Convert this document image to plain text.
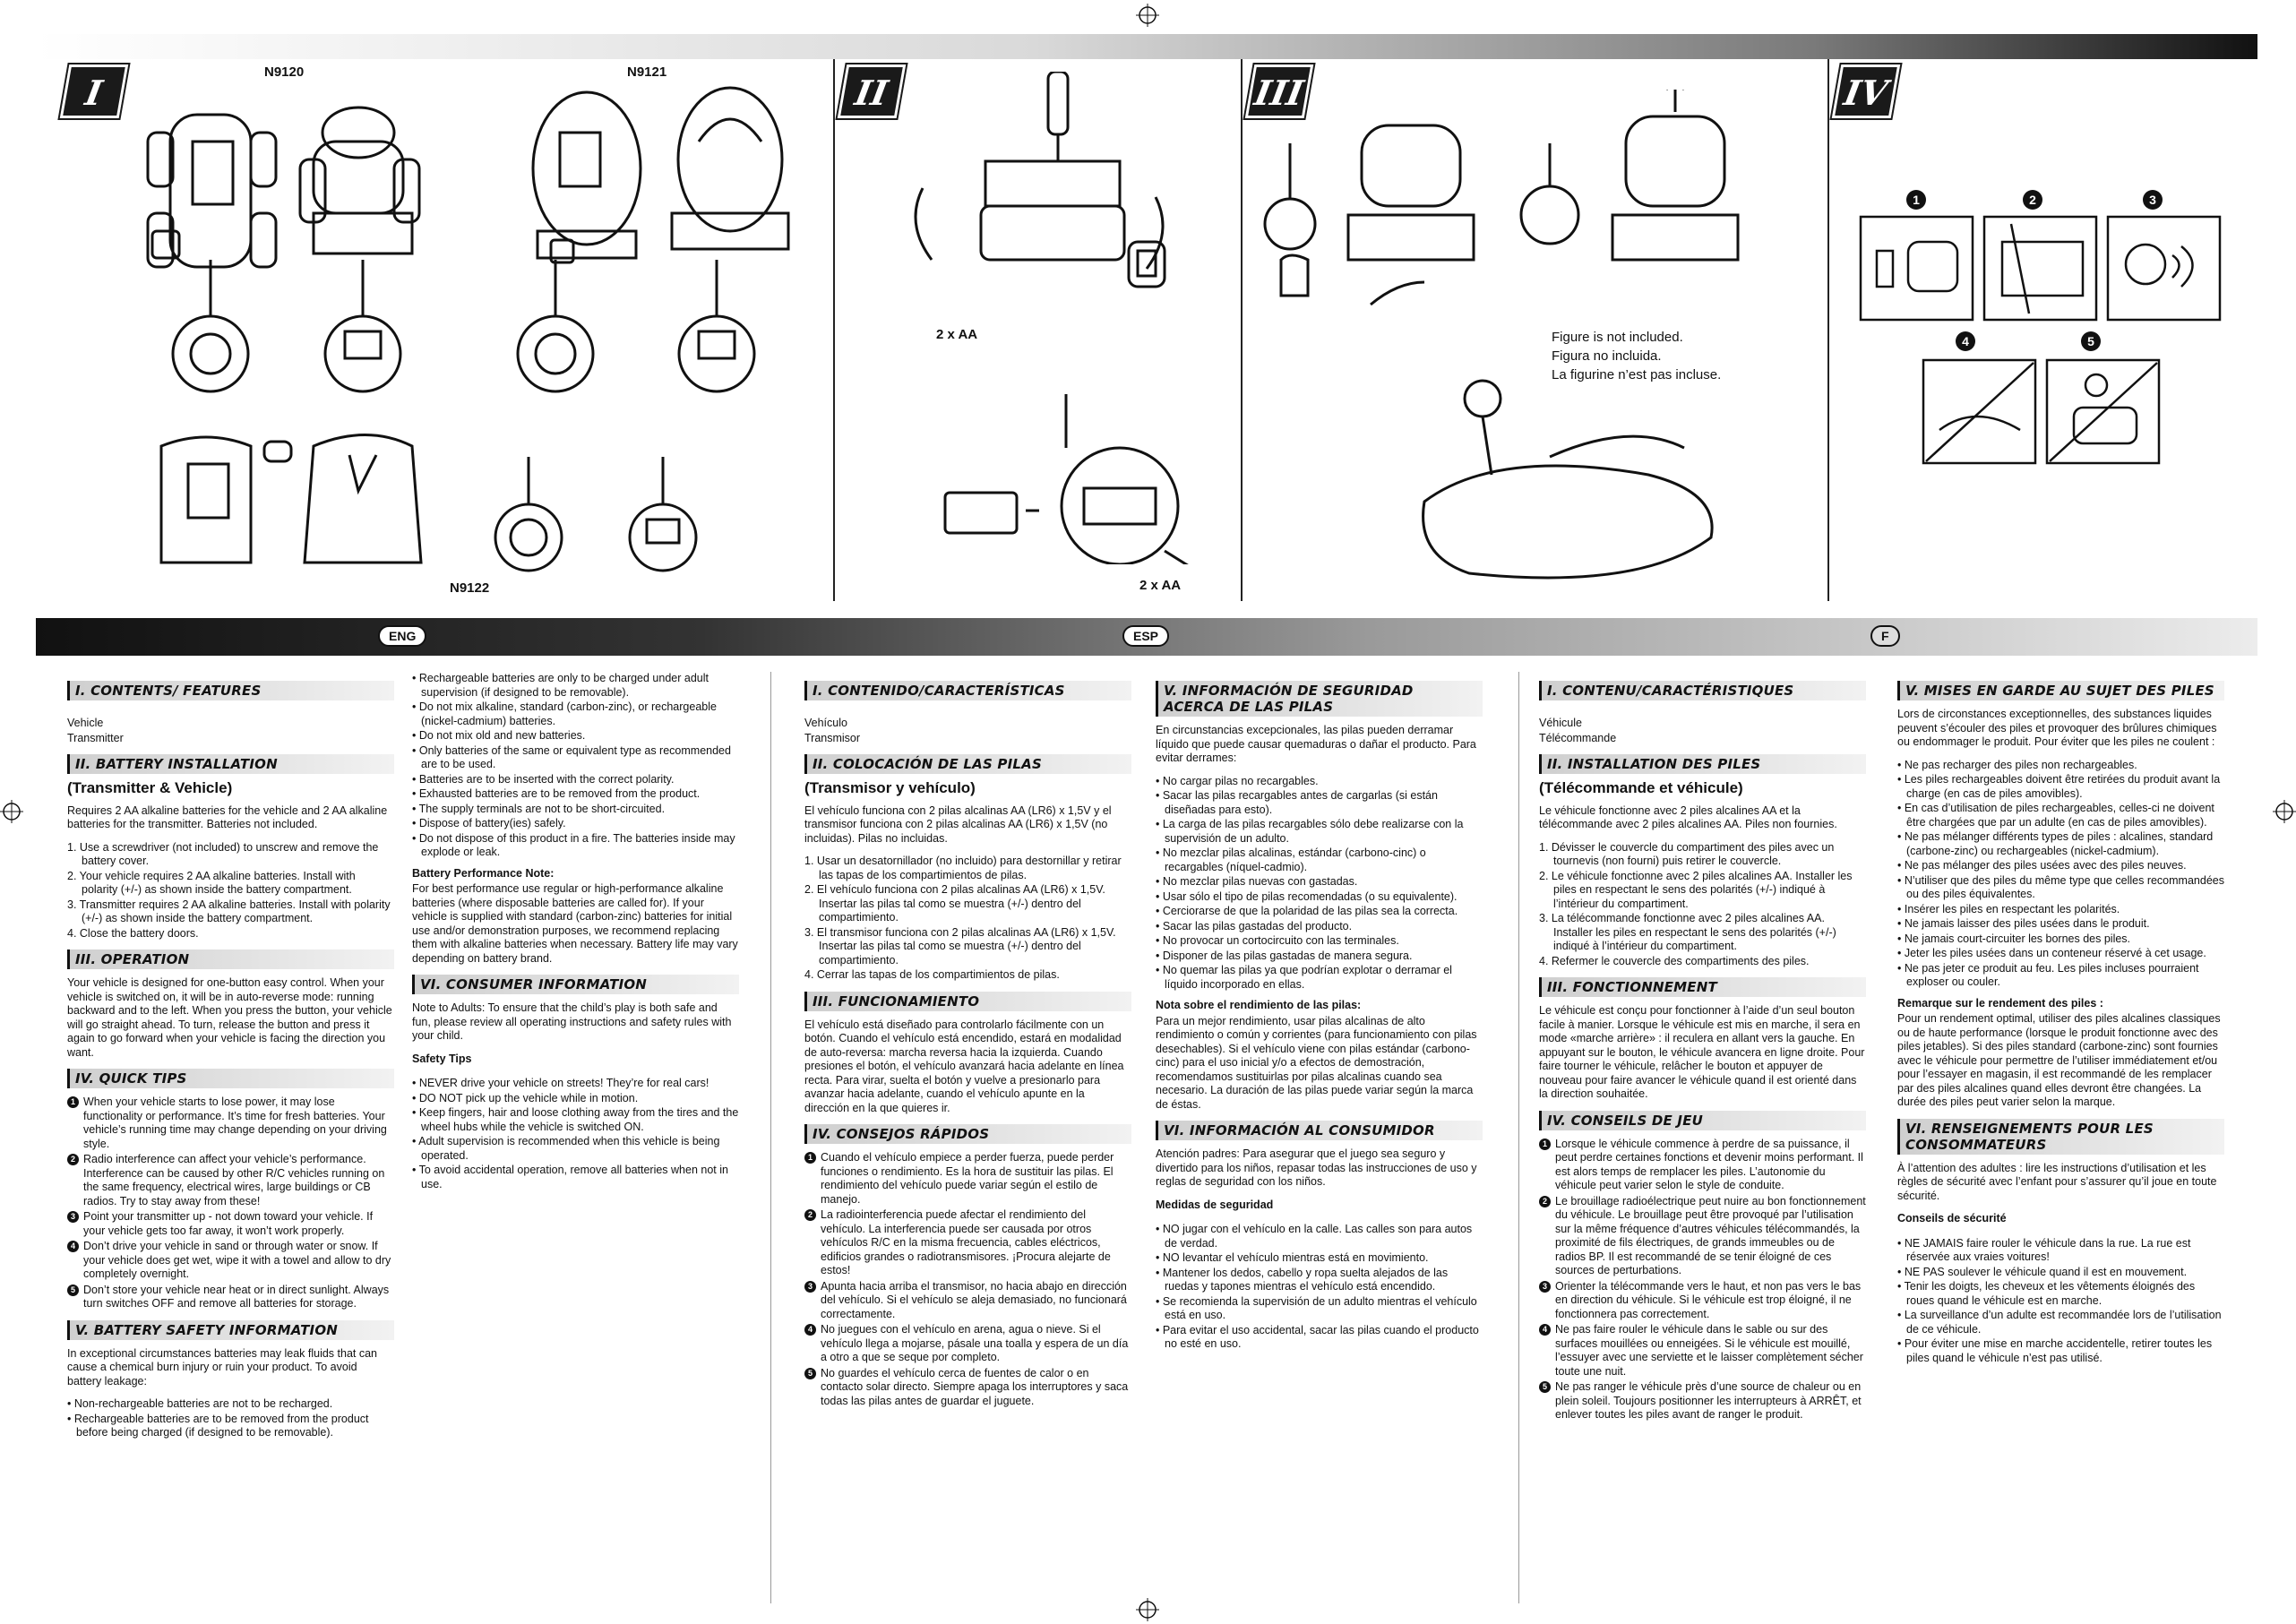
I	II	III	IV
N9120	N9121
N9122
2 x AA
2 x AA
Figure is not included.
Figura no incluida.
La figurine n’est pas incluse.
1	2	3
4	5
ENG	ESP	F
I. CONTENTS/ FEATURES
Vehicle
Transmitter
II. BATTERY INSTALLATION
(Transmitter & Vehicle)
Requires 2 AA alkaline batteries for the vehicle and 2 AA alkaline batteries for the transmitter. Batteries not included.
1. Use a screwdriver (not included) to unscrew and remove the battery cover.
2. Your vehicle requires 2 AA alkaline batteries. Install with polarity (+/-) as shown inside the battery compartment.
3. Transmitter requires 2 AA alkaline batteries. Install with polarity (+/-) as shown inside the battery compartment.
4. Close the battery doors.
III. OPERATION
Your vehicle is designed for one-button easy control. When your vehicle is switched on, it will be in auto-reverse mode: running backward and to the left. When you press the button, your vehicle will go straight ahead. To turn, release the button and press it again to go forward when your vehicle is facing the direction you want.
IV. QUICK TIPS
1 When your vehicle starts to lose power, it may lose functionality or performance. It’s time for fresh batteries. Your vehicle’s running time may change depending on your driving style.
2 Radio interference can affect your vehicle’s performance. Interference can be caused by other R/C vehicles running on the same frequency, electrical wires, large buildings or CB radios. Try to stay away from these!
3 Point your transmitter up - not down toward your vehicle. If your vehicle gets too far away, it won’t work properly.
4 Don’t drive your vehicle in sand or through water or snow. If your vehicle does get wet, wipe it with a towel and allow to dry completely overnight.
5 Don’t store your vehicle near heat or in direct sunlight. Always turn switches OFF and remove all batteries for storage.
V. BATTERY SAFETY INFORMATION
In exceptional circumstances batteries may leak fluids that can cause a chemical burn injury or ruin your product. To avoid battery leakage:
• Non-rechargeable batteries are not to be recharged.
• Rechargeable batteries are to be removed from the product before being charged (if designed to be removable).
• Rechargeable batteries are only to be charged under adult supervision (if designed to be removable).
• Do not mix alkaline, standard (carbon-zinc), or rechargeable (nickel-cadmium) batteries.
• Do not mix old and new batteries.
• Only batteries of the same or equivalent type as recommended are to be used.
• Batteries are to be inserted with the correct polarity.
• Exhausted batteries are to be removed from the product.
• The supply terminals are not to be short-circuited.
• Dispose of battery(ies) safely.
• Do not dispose of this product in a fire. The batteries inside may explode or leak.
Battery Performance Note:
For best performance use regular or high-performance alkaline batteries (where disposable batteries are called for). If your vehicle is supplied with standard (carbon-zinc) batteries for initial use and/or demonstration purposes, we recommend replacing them with alkaline batteries when necessary. Battery life may vary depending on battery brand.
VI. CONSUMER INFORMATION
Note to Adults: To ensure that the child’s play is both safe and fun, please review all operating instructions and safety rules with your child.
Safety Tips
• NEVER drive your vehicle on streets! They’re for real cars!
• DO NOT pick up the vehicle while in motion.
• Keep fingers, hair and loose clothing away from the tires and the wheel hubs while the vehicle is switched ON.
• Adult supervision is recommended when this vehicle is being operated.
• To avoid accidental operation, remove all batteries when not in use.
I. CONTENIDO/CARACTERÍSTICAS
Vehículo
Transmisor
II. COLOCACIÓN DE LAS PILAS
(Transmisor y vehículo)
El vehículo funciona con 2 pilas alcalinas AA (LR6) x 1,5V y el transmisor funciona con 2 pilas alcalinas AA (LR6) x 1,5V (no incluidas). Pilas no incluidas.
1. Usar un desatornillador (no incluido) para destornillar y retirar las tapas de los compartimientos de pilas.
2. El vehículo funciona con 2 pilas alcalinas AA (LR6) x 1,5V. Insertar las pilas tal como se muestra (+/-) dentro del compartimiento.
3. El transmisor funciona con 2 pilas alcalinas AA (LR6) x 1,5V. Insertar las pilas tal como se muestra (+/-) dentro del compartimiento.
4. Cerrar las tapas de los compartimientos de pilas.
III. FUNCIONAMIENTO
El vehículo está diseñado para controlarlo fácilmente con un botón. Cuando el vehículo está encendido, estará en modalidad de auto-reversa: marcha reversa hacia la izquierda. Cuando presiones el botón, el vehículo avanzará hacia adelante en línea recta. Para virar, suelta el botón y vuelve a presionarlo para avanzar hacia adelante, cuando el vehículo apunte en la dirección en la que quieres ir.
IV. CONSEJOS RÁPIDOS
1 Cuando el vehículo empiece a perder fuerza, puede perder funciones o rendimiento. Es la hora de sustituir las pilas. El rendimiento del vehículo puede variar según el estilo de manejo.
2 La radiointerferencia puede afectar el rendimiento del vehículo. La interferencia puede ser causada por otros vehículos R/C en la misma frecuencia, cables eléctricos, edificios grandes o radiotransmisores. ¡Procura alejarte de estos!
3 Apunta hacia arriba el transmisor, no hacia abajo en dirección del vehículo. Si el vehículo se aleja demasiado, no funcionará correctamente.
4 No juegues con el vehículo en arena, agua o nieve. Si el vehículo llega a mojarse, pásale una toalla y espera de un día a otro a que se seque por completo.
5 No guardes el vehículo cerca de fuentes de calor o en contacto solar directo. Siempre apaga los interruptores y saca todas las pilas antes de guardar el juguete.
V. INFORMACIÓN DE SEGURIDAD ACERCA DE LAS PILAS
En circunstancias excepcionales, las pilas pueden derramar líquido que puede causar quemaduras o dañar el producto. Para evitar derrames:
• No cargar pilas no recargables.
• Sacar las pilas recargables antes de cargarlas (si están diseñadas para esto).
• La carga de las pilas recargables sólo debe realizarse con la supervisión de un adulto.
• No mezclar pilas alcalinas, estándar (carbono-cinc) o recargables (níquel-cadmio).
• No mezclar pilas nuevas con gastadas.
• Usar sólo el tipo de pilas recomendadas (o su equivalente).
• Cerciorarse de que la polaridad de las pilas sea la correcta.
• Sacar las pilas gastadas del producto.
• No provocar un cortocircuito con las terminales.
• Disponer de las pilas gastadas de manera segura.
• No quemar las pilas ya que podrían explotar o derramar el líquido incorporado en ellas.
Nota sobre el rendimiento de las pilas:
Para un mejor rendimiento, usar pilas alcalinas de alto rendimiento o común y corrientes (para funcionamiento con pilas desechables). Si el vehículo viene con pilas estándar (carbono-cinc) para el uso inicial y/o a efectos de demostración, recomendamos sustituirlas por pilas alcalinas cuando sea necesario. La duración de las pilas puede variar según la marca de éstas.
VI. INFORMACIÓN AL CONSUMIDOR
Atención padres: Para asegurar que el juego sea seguro y divertido para los niños, repasar todas las instrucciones de uso y reglas de seguridad con los niños.
Medidas de seguridad
• NO jugar con el vehículo en la calle. Las calles son para autos de verdad.
• NO levantar el vehículo mientras está en movimiento.
• Mantener los dedos, cabello y ropa suelta alejados de las ruedas y tapones mientras el vehículo está encendido.
• Se recomienda la supervisión de un adulto mientras el vehículo está en uso.
• Para evitar el uso accidental, sacar las pilas cuando el producto no esté en uso.
I. CONTENU/CARACTÉRISTIQUES
Véhicule
Télécommande
II. INSTALLATION DES PILES
(Télécommande et véhicule)
Le véhicule fonctionne avec 2 piles alcalines AA et la télécommande avec 2 piles alcalines AA. Piles non fournies.
1. Dévisser le couvercle du compartiment des piles avec un tournevis (non fourni) puis retirer le couvercle.
2. Le véhicule fonctionne avec 2 piles alcalines AA. Installer les piles en respectant le sens des polarités (+/-) indiqué à l’intérieur du compartiment.
3. La télécommande fonctionne avec 2 piles alcalines AA. Installer les piles en respectant le sens des polarités (+/-) indiqué à l’intérieur du compartiment.
4. Refermer le couvercle des compartiments des piles.
III. FONCTIONNEMENT
Le véhicule est conçu pour fonctionner à l’aide d’un seul bouton facile à manier. Lorsque le véhicule est mis en marche, il sera en mode «marche arrière» : il reculera en allant vers la gauche. En appuyant sur le bouton, le véhicule avancera en ligne droite. Pour faire tourner le véhicule, relâcher le bouton et appuyer de nouveau pour faire avancer le véhicule quand il est orienté dans la direction souhaitée.
IV. CONSEILS DE JEU
1 Lorsque le véhicule commence à perdre de sa puissance, il peut perdre certaines fonctions et devenir moins performant. Il est alors temps de remplacer les piles. L’autonomie du véhicule peut varier selon le style de conduite.
2 Le brouillage radioélectrique peut nuire au bon fonctionnement du véhicule. Le brouillage peut être provoqué par l’utilisation sur la même fréquence d’autres véhicules télécommandés, la proximité de fils électriques, de grands immeubles ou de radios BP. Il est recommandé de se tenir éloigné de ces sources de perturbations.
3 Orienter la télécommande vers le haut, et non pas vers le bas en direction du véhicule. Si le véhicule est trop éloigné, il ne fonctionnera pas correctement.
4 Ne pas faire rouler le véhicule dans le sable ou sur des surfaces mouillées ou enneigées. Si le véhicule est mouillé, l’essuyer avec une serviette et le laisser complètement sécher toute une nuit.
5 Ne pas ranger le véhicule près d’une source de chaleur ou en plein soleil. Toujours positionner les interrupteurs à ARRÊT, et enlever toutes les piles avant de ranger le produit.
V. MISES EN GARDE AU SUJET DES PILES
Lors de circonstances exceptionnelles, des substances liquides peuvent s’écouler des piles et provoquer des brûlures chimiques ou endommager le produit. Pour éviter que les piles ne coulent :
• Ne pas recharger des piles non rechargeables.
• Les piles rechargeables doivent être retirées du produit avant la charge (en cas de piles amovibles).
• En cas d’utilisation de piles rechargeables, celles-ci ne doivent être chargées que par un adulte (en cas de piles amovibles).
• Ne pas mélanger différents types de piles : alcalines, standard (carbone-zinc) ou rechargeables (nickel-cadmium).
• Ne pas mélanger des piles usées avec des piles neuves.
• N’utiliser que des piles du même type que celles recommandées ou des piles équivalentes.
• Insérer les piles en respectant les polarités.
• Ne jamais laisser des piles usées dans le produit.
• Ne jamais court-circuiter les bornes des piles.
• Jeter les piles usées dans un conteneur réservé à cet usage.
• Ne pas jeter ce produit au feu. Les piles incluses pourraient exploser ou couler.
Remarque sur le rendement des piles :
Pour un rendement optimal, utiliser des piles alcalines classiques ou de haute performance (lorsque le produit fonctionne avec des piles jetables). Si des piles standard (carbone-zinc) sont fournies avec le véhicule pour permettre de l’utiliser immédiatement et/ou pour l’essayer en magasin, il est recommandé de les remplacer par des piles alcalines quand elles devront être changées. La durée des piles peut varier selon la marque.
VI. RENSEIGNEMENTS POUR LES CONSOMMATEURS
À l’attention des adultes : lire les instructions d’utilisation et les règles de sécurité avec l’enfant pour s’assurer qu’il joue en toute sécurité.
Conseils de sécurité
• NE JAMAIS faire rouler le véhicule dans la rue. La rue est réservée aux vraies voitures!
• NE PAS soulever le véhicule quand il est en mouvement.
• Tenir les doigts, les cheveux et les vêtements éloignés des roues quand le véhicule est en marche.
• La surveillance d’un adulte est recommandée lors de l’utilisation de ce véhicule.
• Pour éviter une mise en marche accidentelle, retirer toutes les piles quand le véhicule n’est pas utilisé.
